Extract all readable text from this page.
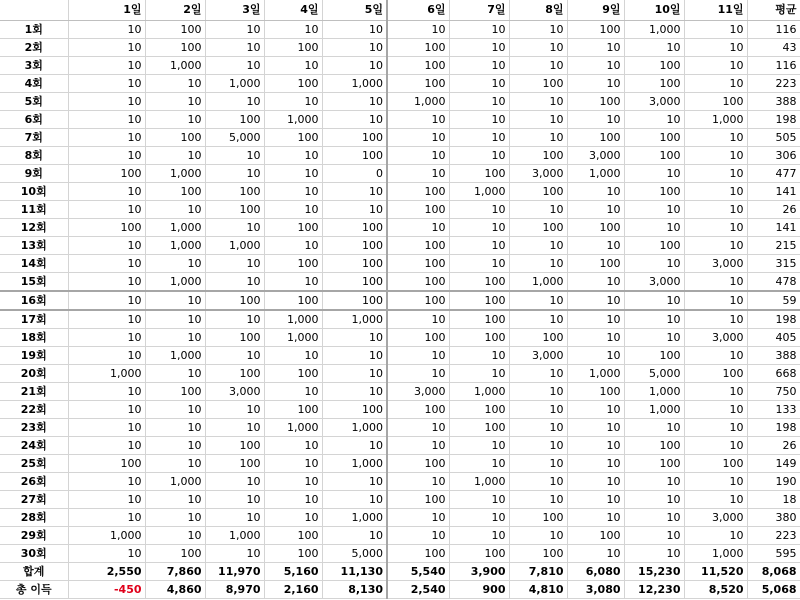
	1일	2일	3일	4일	5일	6일	7일	8일	9일	10일	11일	평균
1회	10	100	10	10	10	10	10	10	100	1,000	10	116
2회	10	100	10	100	10	100	10	10	10	10	10	43
3회	10	1,000	10	10	10	100	10	10	10	100	10	116
4회	10	10	1,000	100	1,000	100	10	100	10	100	10	223
5회	10	10	10	10	10	1,000	10	10	100	3,000	100	388
6회	10	10	100	1,000	10	10	10	10	10	10	1,000	198
7회	10	100	5,000	100	100	10	10	10	100	100	10	505
8회	10	10	10	10	100	10	10	100	3,000	100	10	306
9회	100	1,000	10	10	0	10	100	3,000	1,000	10	10	477
10회	10	100	100	10	10	100	1,000	100	10	100	10	141
11회	10	10	100	10	10	100	10	10	10	10	10	26
12회	100	1,000	10	100	100	10	10	100	100	10	10	141
13회	10	1,000	1,000	10	100	100	10	10	10	100	10	215
14회	10	10	10	100	100	100	10	10	100	10	3,000	315
15회	10	1,000	10	10	100	100	100	1,000	10	3,000	10	478
16회	10	10	100	100	100	100	100	10	10	10	10	59
17회	10	10	10	1,000	1,000	10	100	10	10	10	10	198
18회	10	10	100	1,000	10	100	100	100	10	10	3,000	405
19회	10	1,000	10	10	10	10	10	3,000	10	100	10	388
20회	1,000	10	100	100	10	10	10	10	1,000	5,000	100	668
21회	10	100	3,000	10	10	3,000	1,000	10	100	1,000	10	750
22회	10	10	10	100	100	100	100	10	10	1,000	10	133
23회	10	10	10	1,000	1,000	10	100	10	10	10	10	198
24회	10	10	100	10	10	10	10	10	10	100	10	26
25회	100	10	100	10	1,000	100	10	10	10	100	100	149
26회	10	1,000	10	10	10	10	1,000	10	10	10	10	190
27회	10	10	10	10	10	100	10	10	10	10	10	18
28회	10	10	10	10	1,000	10	10	100	10	10	3,000	380
29회	1,000	10	1,000	100	10	10	10	10	100	10	10	223
30회	10	100	10	100	5,000	100	100	100	10	10	1,000	595
합계	2,550	7,860	11,970	5,160	11,130	5,540	3,900	7,810	6,080	15,230	11,520	8,068
총 이득	-450	4,860	8,970	2,160	8,130	2,540	900	4,810	3,080	12,230	8,520	5,068
